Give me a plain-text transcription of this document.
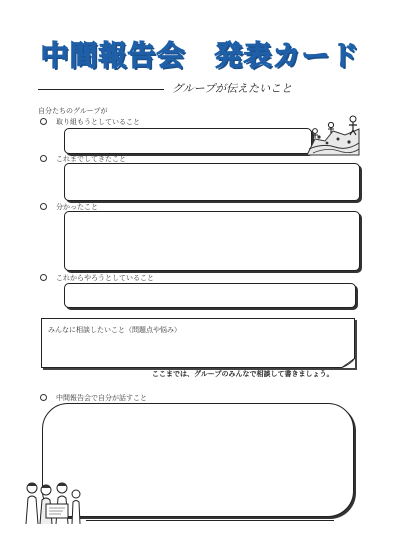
中間報告会　発表カード
グループが伝えたいこと
自分たちのグループが
取り組もうとしていること
これまでしてきたこと
分かったこと
これからやろうとしていること
みんなに相談したいこと（問題点や悩み）
ここまでは、グループのみんなで相談して書きましょう。
中間報告会で自分が話すこと
